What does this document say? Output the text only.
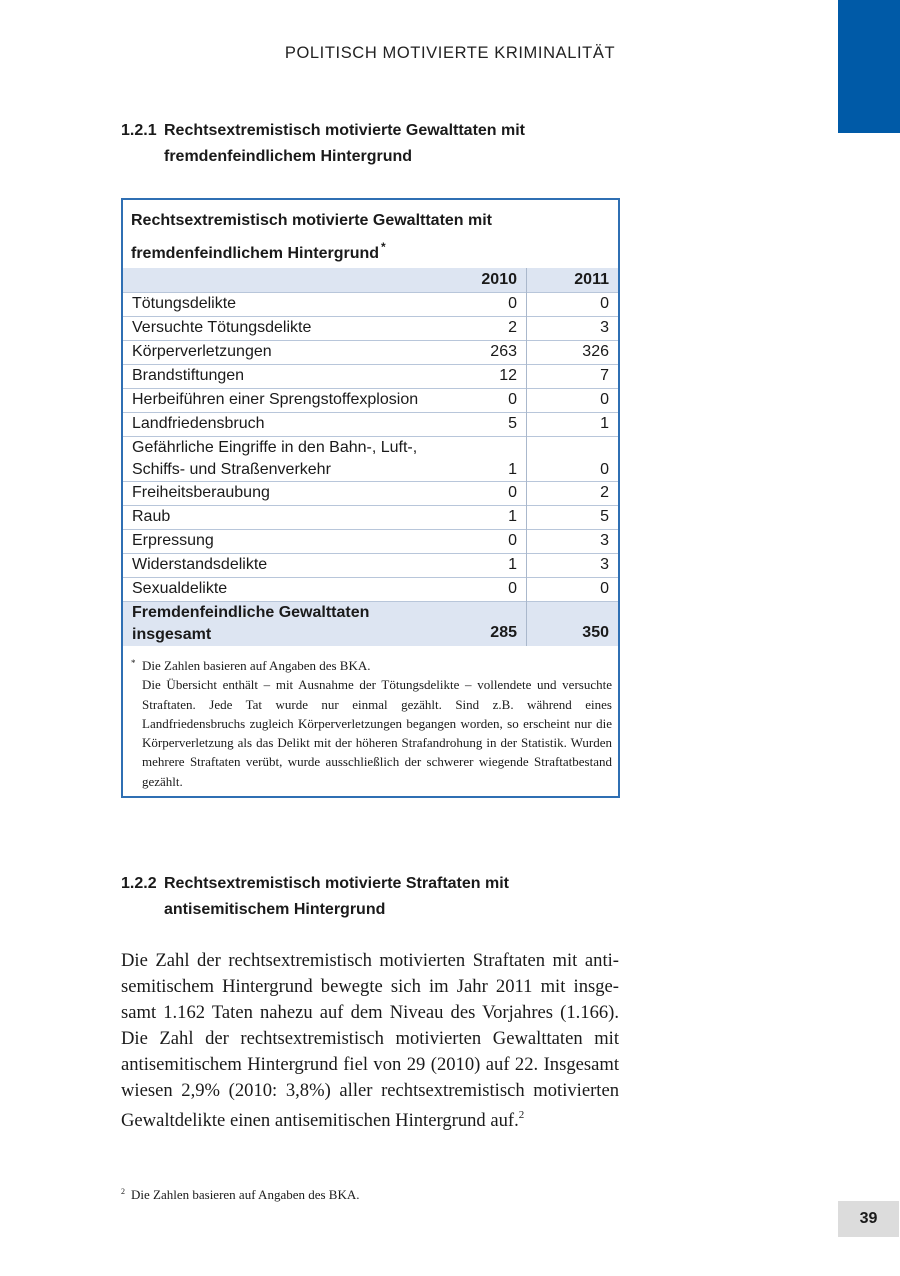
POLITISCH MOTIVIERTE KRIMINALITÄT
1.2.1 Rechtsextremistisch motivierte Gewalttaten mit
fremdenfeindlichem Hintergrund
Rechtsextremistisch motivierte Gewalttaten mit
fremdenfeindlichem Hintergrund *
	2010	2011
Tötungsdelikte	0	0
Versuchte Tötungsdelikte	2	3
Körperverletzungen	263	326
Brandstiftungen	12	7
Herbeiführen einer Sprengstoffexplosion	0	0
Landfriedensbruch	5	1

Gefährliche Eingriffe in den Bahn-, Luft-,
Schiffs- und Straßenverkehr	1	0
Freiheitsberaubung	0	2
Raub	1	5
Erpressung	0	3
Widerstandsdelikte	1	3
Sexualdelikte	0	0

Fremdenfeindliche Gewalttaten
insgesamt	285	350
* Die Zahlen basieren auf Angaben des BKA.

Die Übersicht enthält – mit Ausnahme der Tötungsdelikte – vollendete und versuchte Straftaten. Jede Tat wurde nur einmal gezählt. Sind z.B. während eines Landfriedensbruchs zugleich Körperverletzungen begangen worden, so erscheint nur die Körperverletzung als das Delikt mit der höheren Strafandrohung in der Statistik. Wurden mehrere Straftaten verübt, wurde ausschließlich der schwerer wiegende Straftatbestand gezählt.

1.2.2 Rechtsextremistisch motivierte Straftaten mit
antisemitischem Hintergrund

Die Zahl der rechtsextremistisch motivierten Straftaten mit antisemitischem Hintergrund bewegte sich im Jahr 2011 mit insgesamt 1.162 Taten nahezu auf dem Niveau des Vorjahres (1.166). Die Zahl der rechtsextremistisch motivierten Gewalttaten mit antisemitischem Hintergrund fiel von 29 (2010) auf 22. Insgesamt wiesen 2,9% (2010: 3,8%) aller rechtsextremistisch motivierten Gewaltdelikte einen antisemitischen Hintergrund auf.$^2$

$^2$ Die Zahlen basieren auf Angaben des BKA.
39
